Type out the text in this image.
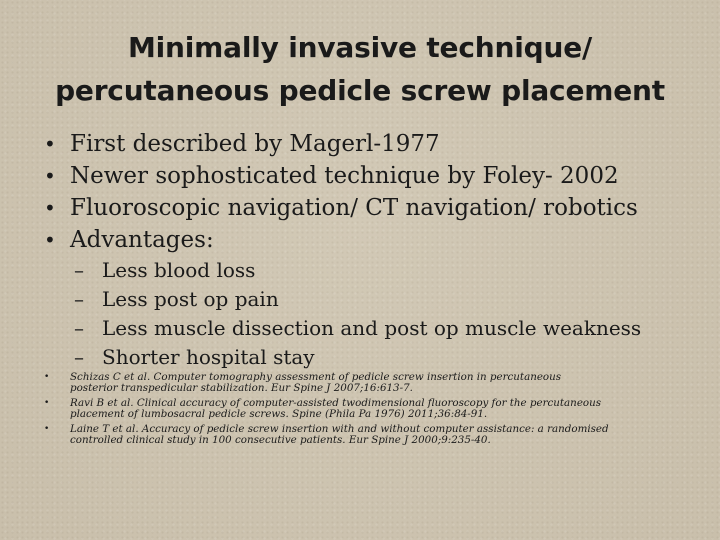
Minimally invasive technique/
percutaneous pedicle screw placement
• First described by Magerl-1977
• Newer sophosticated technique by Foley- 2002
• Fluoroscopic navigation/ CT navigation/ robotics
• Advantages:
– Less blood loss
– Less post op pain
– Less muscle dissection and post op muscle weakness
– Shorter hospital stay
• Schizas C et al. Computer tomography assessment of pedicle screw insertion in percutaneous
posterior transpedicular stabilization. Eur Spine J 2007;16:613-7.
• Ravi B et al. Clinical accuracy of computer-assisted twodimensional fluoroscopy for the percutaneous
placement of lumbosacral pedicle screws. Spine (Phila Pa 1976) 2011;36:84-91.
• Laine T et al. Accuracy of pedicle screw insertion with and without computer assistance: a randomised
controlled clinical study in 100 consecutive patients. Eur Spine J 2000;9:235-40.
